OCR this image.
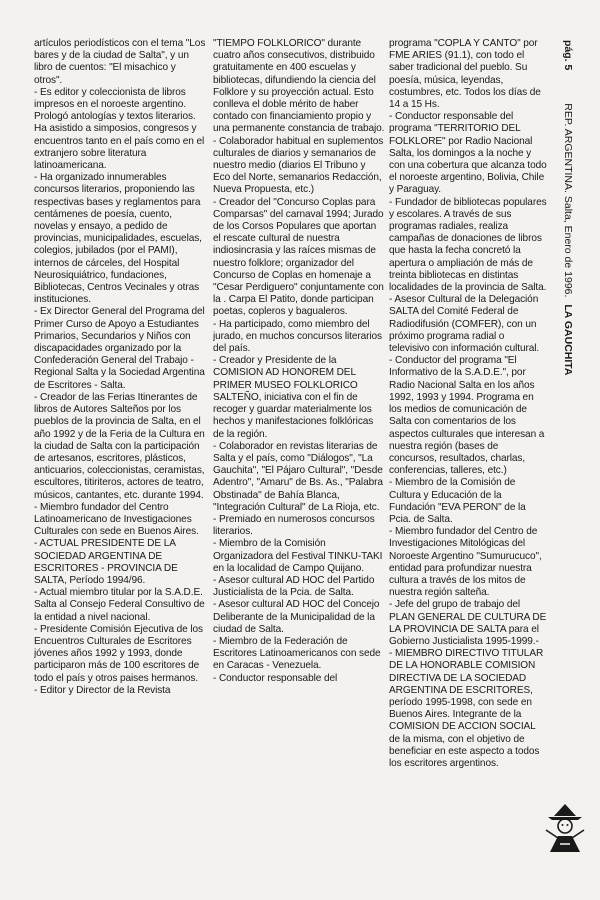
artículos periodísticos con el tema "Los bares y de la ciudad de Salta", y un libro de cuentos: "El misachico y otros".

- Es editor y coleccionista de libros impresos en el noroeste argentino. Prologó antologías y textos literarios. Ha asistido a simposios, congresos y encuentros tanto en el país como en el extranjero sobre literatura latinoamericana.

- Ha organizado innumerables concursos literarios, proponiendo las respectivas bases y reglamentos para centámenes de poesía, cuento, novelas y ensayo, a pedido de provincias, municipalidades, escuelas, colegios, jubilados (por el PAMI), internos de cárceles, del Hospital Neurosiquiátrico, fundaciones, Bibliotecas, Centros Vecinales y otras instituciones.

- Ex Director General del Programa del Primer Curso de Apoyo a Estudiantes Primarios, Secundarios y Niños con discapacidades organizado por la Confederación General del Trabajo - Regional Salta y la Sociedad Argentina de Escritores - Salta.

- Creador de las Ferias Itinerantes de libros de Autores Salteños por los pueblos de la provincia de Salta, en el año 1992 y de la Feria de la Cultura en la ciudad de Salta con la participación de artesanos, escritores, plásticos, anticuarios, coleccionistas, ceramistas, escultores, titiriteros, actores de teatro, músicos, cantantes, etc. durante 1994.

- Miembro fundador del Centro Latinoamericano de Investigaciones Culturales con sede en Buenos Aires.

- ACTUAL PRESIDENTE DE LA SOCIEDAD ARGENTINA DE ESCRITORES - PROVINCIA DE SALTA, Período 1994/96.

- Actual miembro titular por la S.A.D.E. Salta al Consejo Federal Consultivo de la entidad a nivel nacional.

- Presidente Comisión Ejecutiva de los Encuentros Culturales de Escritores jóvenes años 1992 y 1993, donde participaron más de 100 escritores de todo el país y otros paises hermanos.

- Editor y Director de la Revista

"TIEMPO FOLKLORICO" durante cuatro años consecutivos, distribuido gratuitamente en 400 escuelas y bibliotecas, difundiendo la ciencia del Folklore y su proyección actual. Esto conlleva el doble mérito de haber contado con financiamiento propio y una permanente constancia de trabajo.

- Colaborador habitual en suplementos culturales de diarios y semanarios de nuestro medio (diarios El Tribuno y Eco del Norte, semanarios Redacción, Nueva Propuesta, etc.)

- Creador del "Concurso Coplas para Comparsas" del carnaval 1994; Jurado de los Corsos Populares que aportan el rescate cultural de nuestra indiosincrasia y las raíces mismas de nuestro folklore; organizador del Concurso de Coplas en homenaje a "Cesar Perdiguero" conjuntamente con la . Carpa El Patito, donde participan poetas, copleros y bagualeros.

- Ha participado, como miembro del jurado, en muchos concursos literarios del país.

- Creador y Presidente de la COMISION AD HONOREM DEL PRIMER MUSEO FOLKLORICO SALTEÑO, iniciativa con el fin de recoger y guardar materialmente los hechos y manifestaciones folklóricas de la región.

- Colaborador en revistas literarias de Salta y el país, como "Diálogos", "La Gauchita", "El Pájaro Cultural", "Desde Adentro", "Amaru" de Bs. As., "Palabra Obstinada" de Bahía Blanca, "Integración Cultural" de La Rioja, etc.

- Premiado en numerosos concursos literarios.

- Miembro de la Comisión Organizadora del Festival TINKU-TAKI en la localidad de Campo Quijano.

- Asesor cultural AD HOC del Partido Justicialista de la Pcia. de Salta.

- Asesor cultural AD HOC del Concejo Deliberante de la Municipalidad de la ciudad de Salta.

- Miembro de la Federación de Escritores Latinoamericanos con sede en Caracas - Venezuela.

- Conductor responsable del

programa "COPLA Y CANTO" por FME ARIES (91.1), con todo el saber tradicional del pueblo. Su poesía, música, leyendas, costumbres, etc. Todos los días de 14 a 15 Hs.

- Conductor responsable del programa "TERRITORIO DEL FOLKLORE" por Radio Nacional Salta, los domingos a la noche y con una cobertura que alcanza todo el noroeste argentino, Bolivia, Chile y Paraguay.

- Fundador de bibliotecas populares y escolares. A través de sus programas radiales, realiza campañas de donaciones de libros que hasta la fecha concretó la apertura o ampliación de más de treinta bibliotecas en distintas localidades de la provincia de Salta.

- Asesor Cultural de la Delegación SALTA del Comité Federal de Radiodifusión (COMFER), con un próximo programa radial o televisivo con información cultural.

- Conductor del programa "El Informativo de la S.A.D.E.", por Radio Nacional Salta en los años 1992, 1993 y 1994. Programa en los medios de comunicación de Salta con comentarios de los aspectos culturales que interesan a nuestra región (bases de concursos, resultados, charlas, conferencias, talleres, etc.)

- Miembro de la Comisión de Cultura y Educación de la Fundación "EVA PERON" de la Pcia. de Salta.

- Miembro fundador del Centro de Investigaciones Mitológicas del Noroeste Argentino "Sumurucuco", entidad para profundizar nuestra cultura a través de los mitos de nuestra región salteña.

- Jefe del grupo de trabajo del PLAN GENERAL DE CULTURA DE LA PROVINCIA DE SALTA para el Gobierno Justicialista 1995-1999.-

- MIEMBRO DIRECTIVO TITULAR DE LA HONORABLE COMISION DIRECTIVA DE LA SOCIEDAD ARGENTINA DE ESCRITORES, período 1995-1998, con sede en Buenos Aires. Integrante de la COMISION DE ACCION SOCIAL de la misma, con el objetivo de beneficiar en este aspecto a todos los escritores argentinos.

pág. 5 REP. ARGENTINA. Salta, Enero de 1996. LA GAUCHITA
